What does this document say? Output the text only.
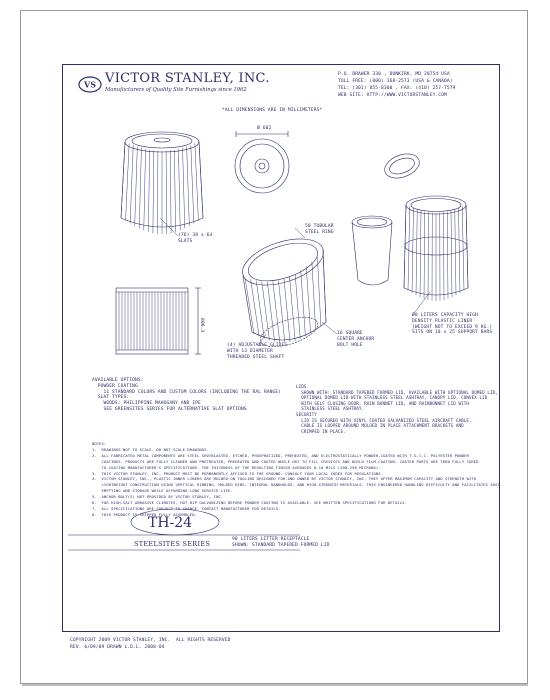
VS VICTOR STANLEY, INC.
Manufacturers of Quality Site Furnishings since 1962
P.O. DRAWER 330 , DUNKIRK, MD 20754 USA
TOLL FREE: (800) 368-2573 (USA & CANADA)
TEL: (301) 855-8300 , FAX: (410) 257-7579
WEB SITE: HTTP://WWW.VICTORSTANLEY.COM
*ALL DIMENSIONS ARE IN MILLIMETERS*
Ø 602
806.3
(76) 38 x 64
SLATS
50 TUBULAR
STEEL RING
(4) ADJUSTABLE GLIDES
WITH 13 DIAMETER
THREADED STEEL SHAFT
16 SQUARE
CENTER ANCHOR
BOLT HOLE
90 LITERS CAPACITY HIGH
DENSITY PLASTIC LINER
(WEIGHT NOT TO EXCEED 9 KG.)
SITS ON 10 x 25 SUPPORT BARS
AVAILABLE OPTIONS:
POWDER COATING
11 STANDARD COLORS AND CUSTOM COLORS (INCLUDING THE RAL RANGE)
SLAT TYPES:
WOODS: PHILIPPINE MAHOGANY AND IPE
SEE GREENSITES SERIES FOR ALTERNATIVE SLAT OPTIONS
LIDS
SHOWN WITH: STANDARD TAPERED FORMED LID, AVAILABLE WITH OPTIONAL DOMED LID,
OPTIONAL DOMED LID WITH STAINLESS STEEL ASHTRAY, CANOPY LID, CONVEX LID
WITH SELF CLOSING DOOR, RAIN BONNET LID, AND RAINBONNET LID WITH
STAINLESS STEEL ASHTRAY.
SECURITY
LID IS SECURED WITH VINYL COATED GALVANIZED STEEL AIRCRAFT CABLE.
CABLE IS LOOPED AROUND MOLDED IN PLACE ATTACHMENT BRACKETS AND
CRIMPED IN PLACE.
NOTES:
1.  DRAWINGS NOT TO SCALE. DO NOT SCALE DRAWINGS.
2.  ALL FABRICATED METAL COMPONENTS ARE STEEL SHOTBLASTED, ETCHED, PHOSPHATIZED, PREHEATED, AND ELECTROSTATICALLY POWDER-COATED WITH T.G.I.C. POLYESTER POWDER
COATINGS. PRODUCTS ARE FULLY CLEANED AND PRETREATED, PREHEATED AND COATED WHILE HOT TO FILL CREVICES AND BUILD FILM COATING. COATED PARTS ARE THEN FULLY CURED
TO COATING MANUFACTURER'S SPECIFICATIONS. THE THICKNESS OF THE RESULTING FINISH AVERAGES 8-10 MILS (200-250 MICRONS).
3.  THIS VICTOR STANLEY, INC. PRODUCT MUST BE PERMANENTLY AFFIXED TO THE GROUND. CONSULT YOUR LOCAL CODES FOR REGULATIONS.
4.  VICTOR STANLEY, INC., PLASTIC INNER LINERS ARE MOLDED ON TOOLING DESIGNED FOR AND OWNED BY VICTOR STANLEY, INC. THEY OFFER MAXIMUM CAPACITY AND STRENGTH WITH
LIGHTWEIGHT CONSTRUCTION USING VERTICAL RIBBING, MOLDED RIBS, INTEGRAL HANDHOLDS, AND HIGH-STRENGTH MATERIALS. THIS ENGINEERED HANDLING DIFFICULTY AND FACILITATES EASY
EMPTYING AND STORAGE WHILE AFFORDING LONG SERVICE LIFE.
5.  ANCHOR BOLT(S) NOT PROVIDED BY VICTOR STANLEY, INC.
6.  FOR HIGH-SALT ABRASIVE CLIMATES, HOT DIP GALVANIZING BEFORE POWDER COATING IS AVAILABLE. SEE WRITTEN SPECIFICATIONS FOR DETAILS.
7.  ALL SPECIFICATIONS ARE SUBJECT TO CHANGE. CONTACT MANUFACTURER FOR DETAILS.
8.  THIS PRODUCT IS SHIPPED FULLY ASSEMBLED.
TH-24
STEELSITES SERIES
90 LITERS LITTER RECEPTACLE
SHOWN: STANDARD TAPERED FORMED LID
COPYRIGHT 2009 VICTOR STANLEY, INC.  ALL RIGHTS RESERVED
REV. 6/09/09 DRAWN L.D.L. 2008-04
